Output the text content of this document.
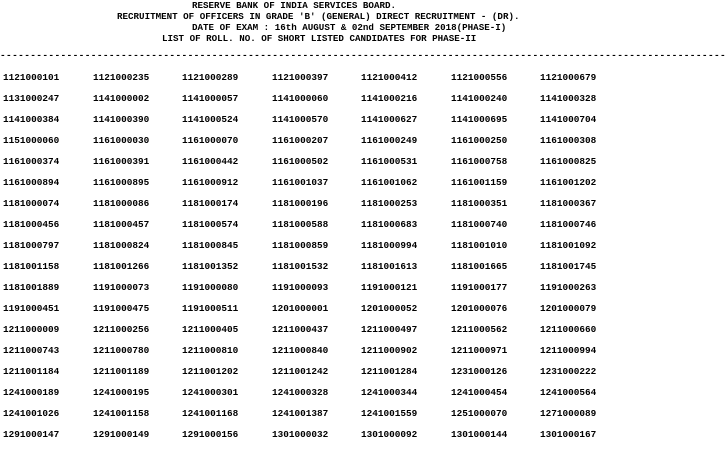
RESERVE BANK OF INDIA SERVICES BOARD.
RECRUITMENT OF OFFICERS IN GRADE 'B' (GENERAL) DIRECT RECRUITMENT - (DR).
DATE OF EXAM : 16th AUGUST & 02nd SEPTEMBER 2018(PHASE-I)
LIST OF ROLL. NO. OF SHORT LISTED CANDIDATES FOR PHASE-II
------------------------------------------------------------------------------------------------------------------------
1121000101	1121000235	1121000289	1121000397	1121000412	1121000556	1121000679
1131000247	1141000002	1141000057	1141000060	1141000216	1141000240	1141000328
1141000384	1141000390	1141000524	1141000570	1141000627	1141000695	1141000704
1151000060	1161000030	1161000070	1161000207	1161000249	1161000250	1161000308
1161000374	1161000391	1161000442	1161000502	1161000531	1161000758	1161000825
1161000894	1161000895	1161000912	1161001037	1161001062	1161001159	1161001202
1181000074	1181000086	1181000174	1181000196	1181000253	1181000351	1181000367
1181000456	1181000457	1181000574	1181000588	1181000683	1181000740	1181000746
1181000797	1181000824	1181000845	1181000859	1181000994	1181001010	1181001092
1181001158	1181001266	1181001352	1181001532	1181001613	1181001665	1181001745
1181001889	1191000073	1191000080	1191000093	1191000121	1191000177	1191000263
1191000451	1191000475	1191000511	1201000001	1201000052	1201000076	1201000079
1211000009	1211000256	1211000405	1211000437	1211000497	1211000562	1211000660
1211000743	1211000780	1211000810	1211000840	1211000902	1211000971	1211000994
1211001184	1211001189	1211001202	1211001242	1211001284	1231000126	1231000222
1241000189	1241000195	1241000301	1241000328	1241000344	1241000454	1241000564
1241001026	1241001158	1241001168	1241001387	1241001559	1251000070	1271000089
1291000147	1291000149	1291000156	1301000032	1301000092	1301000144	1301000167
